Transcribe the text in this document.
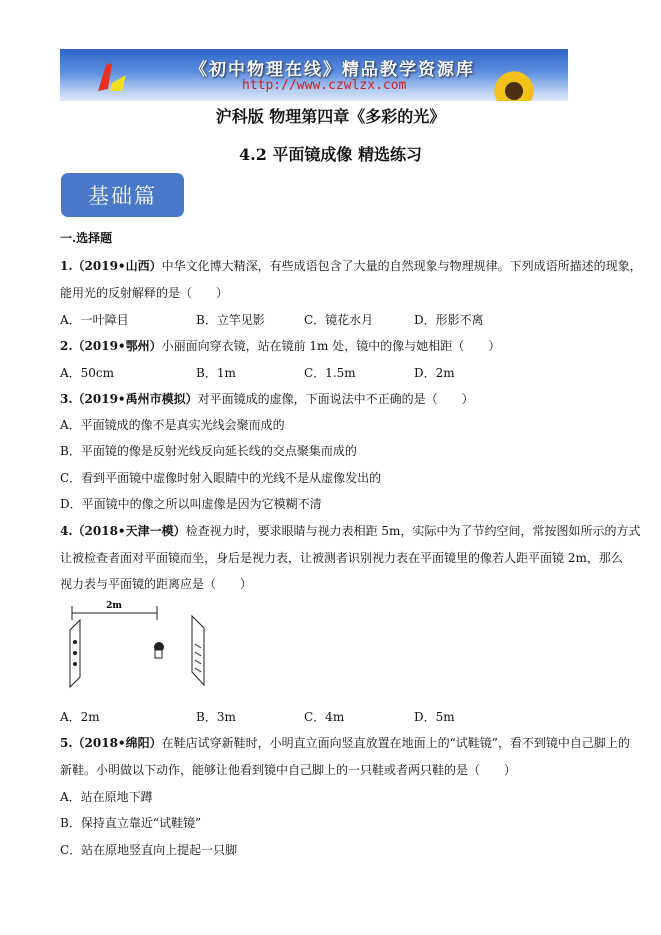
《初中物理在线》精品教学资源库
http://www.czwlzx.com
沪科版 物理第四章《多彩的光》
4.2 平面镜成像 精选练习
基础篇
一.选择题
1.（2019•山西）中华文化博大精深，有些成语包含了大量的自然现象与物理规律。下列成语所描述的现象，
能用光的反射解释的是（　　）
A．一叶障目	B．立竿见影	C．镜花水月	D．形影不离
2.（2019•鄂州）小丽面向穿衣镜，站在镜前 1m 处，镜中的像与她相距（　　）
A．50cm	B．1m	C．1.5m	D．2m
3.（2019•禹州市模拟）对平面镜成的虚像，下面说法中不正确的是（　　）
A．平面镜成的像不是真实光线会聚而成的
B．平面镜的像是反射光线反向延长线的交点聚集而成的
C．看到平面镜中虚像时射入眼睛中的光线不是从虚像发出的
D．平面镜中的像之所以叫虚像是因为它模糊不清
4.（2018•天津一模）检查视力时，要求眼睛与视力表相距 5m，实际中为了节约空间，常按图如所示的方式
让被检查者面对平面镜而坐，身后是视力表，让被测者识别视力表在平面镜里的像若人距平面镜 2m，那么
视力表与平面镜的距离应是（　　）
2m
A．2m	B．3m	C．4m	D．5m
5.（2018•绵阳）在鞋店试穿新鞋时，小明直立面向竖直放置在地面上的“试鞋镜”，看不到镜中自己脚上的
新鞋。小明做以下动作，能够让他看到镜中自己脚上的一只鞋或者两只鞋的是（　　）
A．站在原地下蹲
B．保持直立靠近“试鞋镜”
C．站在原地竖直向上提起一只脚
